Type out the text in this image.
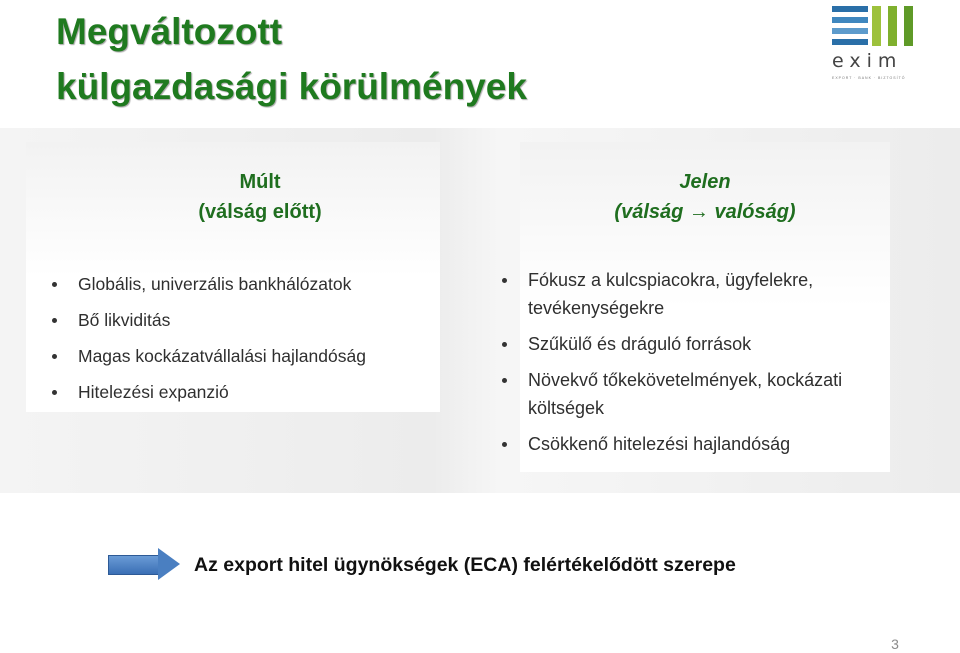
Megváltozott
külgazdasági körülmények
exim
EXPORT · BANK · BIZTOSÍTÓ
Múlt
(válság előtt)
Jelen
(válság → valóság)
Globális, univerzális bankhálózatok
Bő likviditás
Magas kockázatvállalási hajlandóság
Hitelezési expanzió
Fókusz a kulcspiacokra, ügyfelekre, tevékenységekre
Szűkülő és dráguló források
Növekvő tőkekövetelmények, kockázati költségek
Csökkenő hitelezési hajlandóság
Az export hitel ügynökségek (ECA) felértékelődött szerepe
3
